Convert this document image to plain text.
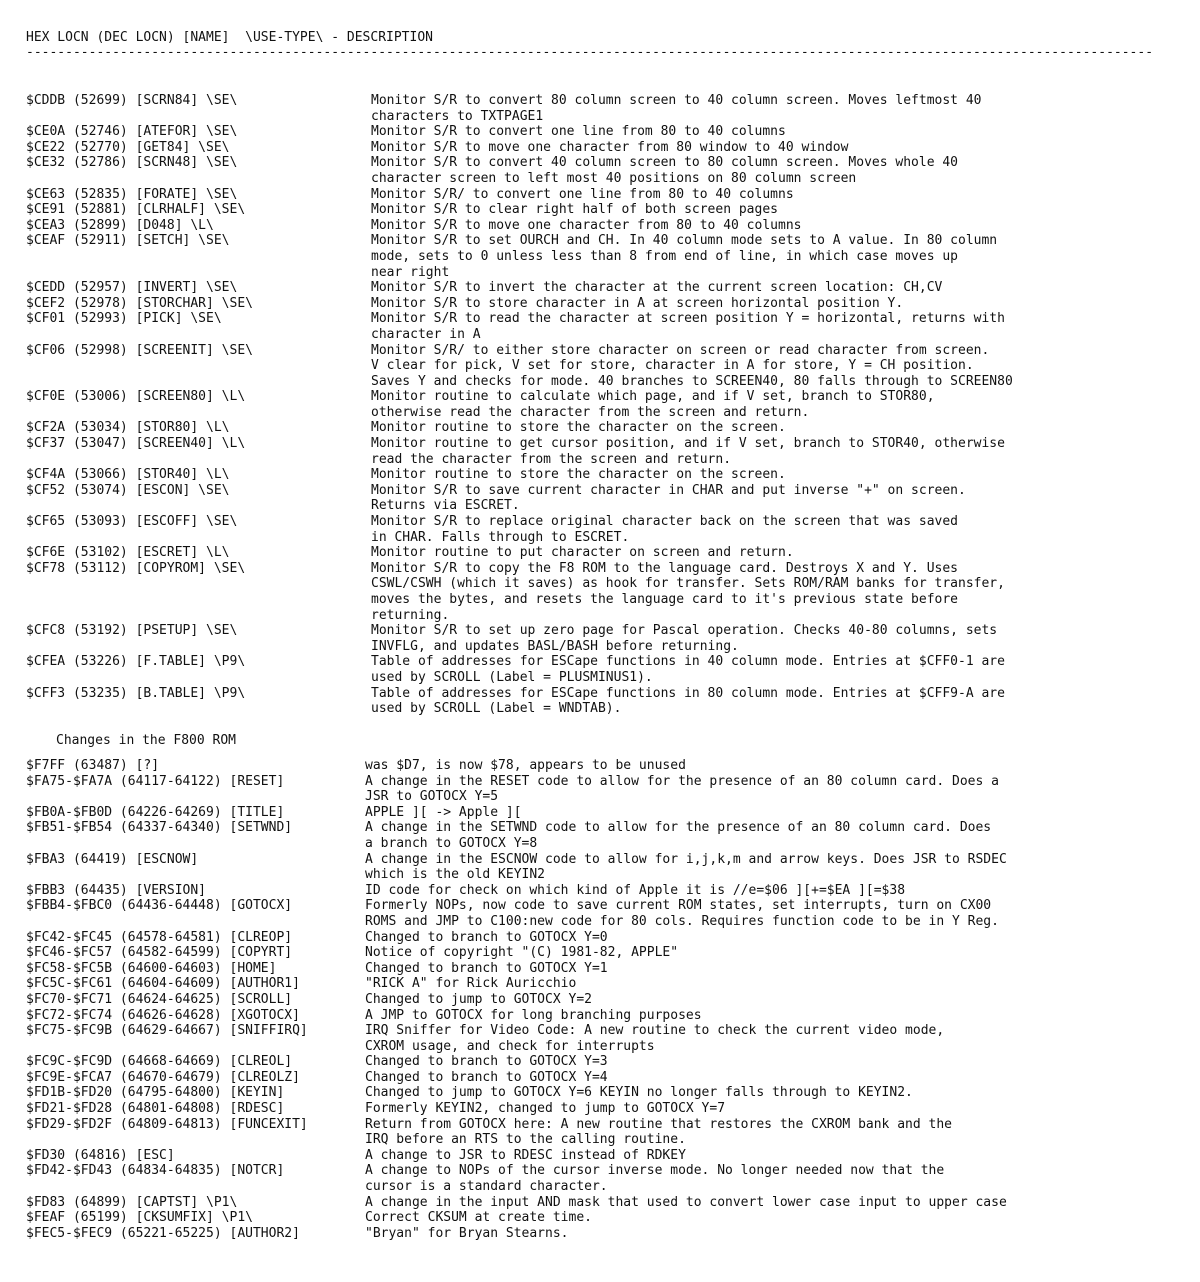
HEX LOCN (DEC LOCN) [NAME]  \USE-TYPE\ - DESCRIPTION
------------------------------------------------------------------------------------------------------------------------------------------------
$CDDB (52699) [SCRN84] \SE\	Monitor S/R to convert 80 column screen to 40 column screen. Moves leftmost 40
characters to TXTPAGE1
$CE0A (52746) [ATEFOR] \SE\	Monitor S/R to convert one line from 80 to 40 columns
$CE22 (52770) [GET84] \SE\	Monitor S/R to move one character from 80 window to 40 window
$CE32 (52786) [SCRN48] \SE\	Monitor S/R to convert 40 column screen to 80 column screen. Moves whole 40
character screen to left most 40 positions on 80 column screen
$CE63 (52835) [FORATE] \SE\	Monitor S/R/ to convert one line from 80 to 40 columns
$CE91 (52881) [CLRHALF] \SE\	Monitor S/R to clear right half of both screen pages
$CEA3 (52899) [D048] \L\	Monitor S/R to move one character from 80 to 40 columns
$CEAF (52911) [SETCH] \SE\	Monitor S/R to set OURCH and CH. In 40 column mode sets to A value. In 80 column
mode, sets to 0 unless less than 8 from end of line, in which case moves up
near right
$CEDD (52957) [INVERT] \SE\	Monitor S/R to invert the character at the current screen location: CH,CV
$CEF2 (52978) [STORCHAR] \SE\	Monitor S/R to store character in A at screen horizontal position Y.
$CF01 (52993) [PICK] \SE\	Monitor S/R to read the character at screen position Y = horizontal, returns with
character in A
$CF06 (52998) [SCREENIT] \SE\	Monitor S/R/ to either store character on screen or read character from screen.
V clear for pick, V set for store, character in A for store, Y = CH position.
Saves Y and checks for mode. 40 branches to SCREEN40, 80 falls through to SCREEN80
$CF0E (53006) [SCREEN80] \L\	Monitor routine to calculate which page, and if V set, branch to STOR80,
otherwise read the character from the screen and return.
$CF2A (53034) [STOR80] \L\	Monitor routine to store the character on the screen.
$CF37 (53047) [SCREEN40] \L\	Monitor routine to get cursor position, and if V set, branch to STOR40, otherwise
read the character from the screen and return.
$CF4A (53066) [STOR40] \L\	Monitor routine to store the character on the screen.
$CF52 (53074) [ESCON] \SE\	Monitor S/R to save current character in CHAR and put inverse "+" on screen.
Returns via ESCRET.
$CF65 (53093) [ESCOFF] \SE\	Monitor S/R to replace original character back on the screen that was saved
in CHAR. Falls through to ESCRET.
$CF6E (53102) [ESCRET] \L\	Monitor routine to put character on screen and return.
$CF78 (53112) [COPYROM] \SE\	Monitor S/R to copy the F8 ROM to the language card. Destroys X and Y. Uses
CSWL/CSWH (which it saves) as hook for transfer. Sets ROM/RAM banks for transfer,
moves the bytes, and resets the language card to it's previous state before
returning.
$CFC8 (53192) [PSETUP] \SE\	Monitor S/R to set up zero page for Pascal operation. Checks 40-80 columns, sets
INVFLG, and updates BASL/BASH before returning.
$CFEA (53226) [F.TABLE] \P9\	Table of addresses for ESCape functions in 40 column mode. Entries at $CFF0-1 are
used by SCROLL (Label = PLUSMINUS1).
$CFF3 (53235) [B.TABLE] \P9\	Table of addresses for ESCape functions in 80 column mode. Entries at $CFF9-A are
used by SCROLL (Label = WNDTAB).
Changes in the F800 ROM
$F7FF (63487) [?]	was $D7, is now $78, appears to be unused
$FA75-$FA7A (64117-64122) [RESET]	A change in the RESET code to allow for the presence of an 80 column card. Does a
JSR to GOTOCX Y=5
$FB0A-$FB0D (64226-64269) [TITLE]	APPLE ][ -> Apple ][
$FB51-$FB54 (64337-64340) [SETWND]	A change in the SETWND code to allow for the presence of an 80 column card. Does
a branch to GOTOCX Y=8
$FBA3 (64419) [ESCNOW]	A change in the ESCNOW code to allow for i,j,k,m and arrow keys. Does JSR to RSDEC
which is the old KEYIN2
$FBB3 (64435) [VERSION]	ID code for check on which kind of Apple it is //e=$06 ][+=$EA ][=$38
$FBB4-$FBC0 (64436-64448) [GOTOCX]	Formerly NOPs, now code to save current ROM states, set interrupts, turn on CX00
ROMS and JMP to C100:new code for 80 cols. Requires function code to be in Y Reg.
$FC42-$FC45 (64578-64581) [CLREOP]	Changed to branch to GOTOCX Y=0
$FC46-$FC57 (64582-64599) [COPYRT]	Notice of copyright "(C) 1981-82, APPLE"
$FC58-$FC5B (64600-64603) [HOME]	Changed to branch to GOTOCX Y=1
$FC5C-$FC61 (64604-64609) [AUTHOR1]	"RICK A" for Rick Auricchio
$FC70-$FC71 (64624-64625) [SCROLL]	Changed to jump to GOTOCX Y=2
$FC72-$FC74 (64626-64628) [XGOTOCX]	A JMP to GOTOCX for long branching purposes
$FC75-$FC9B (64629-64667) [SNIFFIRQ]	IRQ Sniffer for Video Code: A new routine to check the current video mode,
CXROM usage, and check for interrupts
$FC9C-$FC9D (64668-64669) [CLREOL]	Changed to branch to GOTOCX Y=3
$FC9E-$FCA7 (64670-64679) [CLREOLZ]	Changed to branch to GOTOCX Y=4
$FD1B-$FD20 (64795-64800) [KEYIN]	Changed to jump to GOTOCX Y=6 KEYIN no longer falls through to KEYIN2.
$FD21-$FD28 (64801-64808) [RDESC]	Formerly KEYIN2, changed to jump to GOTOCX Y=7
$FD29-$FD2F (64809-64813) [FUNCEXIT]	Return from GOTOCX here: A new routine that restores the CXROM bank and the
IRQ before an RTS to the calling routine.
$FD30 (64816) [ESC]	A change to JSR to RDESC instead of RDKEY
$FD42-$FD43 (64834-64835) [NOTCR]	A change to NOPs of the cursor inverse mode. No longer needed now that the
cursor is a standard character.
$FD83 (64899) [CAPTST] \P1\	A change in the input AND mask that used to convert lower case input to upper case
$FEAF (65199) [CKSUMFIX] \P1\	Correct CKSUM at create time.
$FEC5-$FEC9 (65221-65225) [AUTHOR2]	"Bryan" for Bryan Stearns.
